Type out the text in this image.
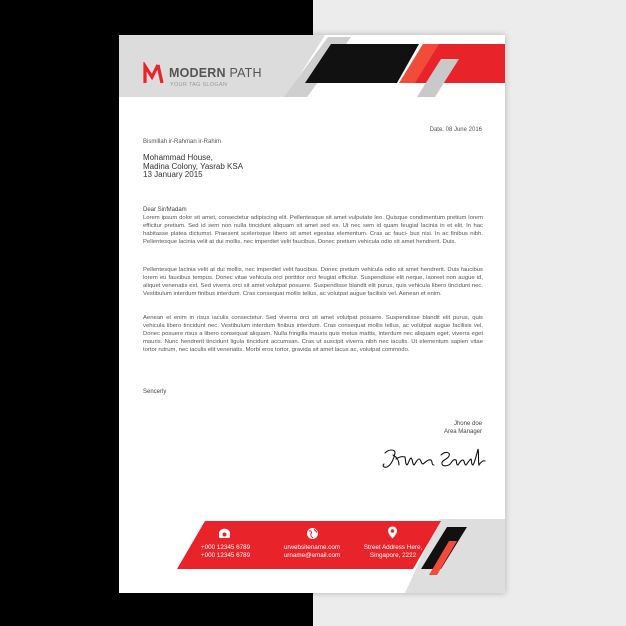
MODERN PATH
YOUR TAG SLOGAN
Date. 08 June 2016
Bismillah ir-Rahman ir-Rahim
Mohammad House,
Madina Colony, Yasrab KSA
13 January 2015
Dear Sir/Madam

Lorem ipsum dolor sit amet, consectetur adipiscing elit. Pellentesque sit amet vulputate leo. Quisque condimentum pretium lorem efficitur pretium. Sed id sem non nulla tincidunt aliquam sit amet sed ex. Ut nec sem id quam feugiat lacinia in et elit. In hac habitasse platea dictumst. Praesent scelerisque libero sit amet egestas elementum. Cras ac fauci- bus nisi. In ac finibus nibh. Pellentesque lacinia velit at dui mollis, nec imperdiet velit faucibus. Donec pretium vehicula odio sit amet hendrerit. Duis.

Pellentesque lacinia velit at dui mollis, nec imperdiet velit faucibus. Donec pretium vehicula odio sit amet hendrerit. Duis faucibus lorem eu faucibus tempus. Donec vitae vehicula orci porttitor orci feugiat efficitur. Suspendisse elit neque, laoreet non augue id, aliquet venenatis est. Sed viverra orci sit amet volutpat posuere. Suspendisse blandit elit purus, quis vehicula libero tincidunt nec. Vestibulum interdum finibus interdum. Cras consequat mollis tellus, ac volutpat augue facilisis vel. Aenean et enim.

Aenean et enim in risus iaculis consectetur. Sed viverra orci sit amet volutpat posuere. Suspendisse blandit elit purus, quis vehicula libero tincidunt nec. Vestibulum interdum finibus interdum. Cras consequat mollis tellus, ac volutpat augue facilisis vel. Donec posuere risus a libero consequat aliquam. Nulla fringilla mauris quis metus mattis, interdum nec aliquam eget, viverra eget mauris. Nunc hendrerit tincidunt ligula tincidunt accumsan. Cras ut suscipit viverra nibh nec iaculis. Ut elementum sapien vitae tortor rutrum, nec iaculis elit venenatis. Morbi eros tortor, gravida sit amet lacus ac, volutpat commodo.

Sencerly
Jhone doe
Area Manager
+000 12345 6789
+000 12345 6789
urwebsitename.com
urname@email.com
Street Address Here,
Singapore, 2222
